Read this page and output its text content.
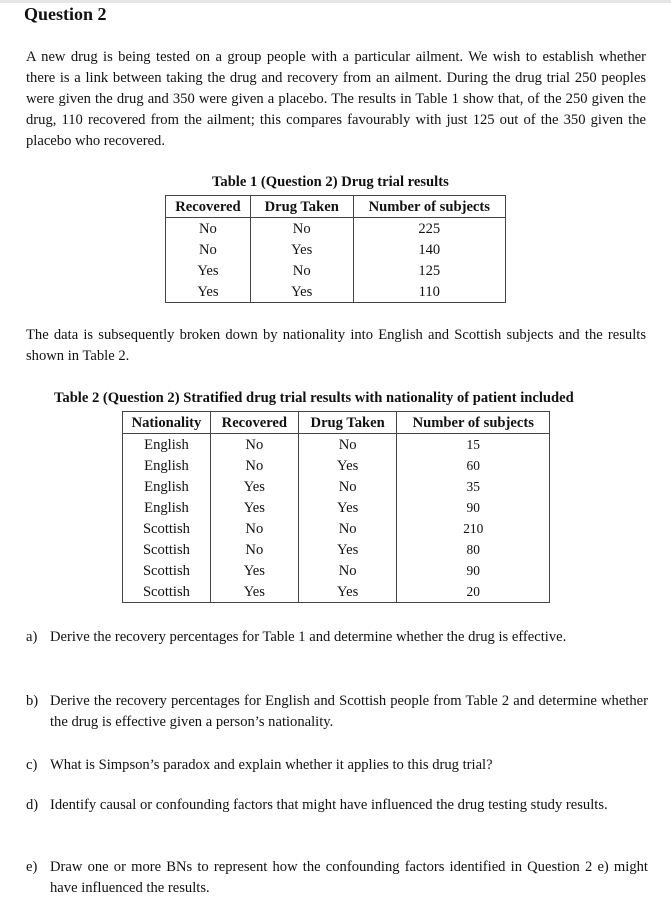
Question 2

A new drug is being tested on a group people with a particular ailment. We wish to establish whether there is a link between taking the drug and recovery from an ailment. During the drug trial 250 peoples were given the drug and 350 were given a placebo. The results in Table 1 show that, of the 250 given the drug, 110 recovered from the ailment; this compares favourably with just 125 out of the 350 given the placebo who recovered.

Table 1 (Question 2) Drug trial results
Recovered	Drug Taken	Number of subjects
No	No	225
No	Yes	140
Yes	No	125
Yes	Yes	110

The data is subsequently broken down by nationality into English and Scottish subjects and the results shown in Table 2.

Table 2 (Question 2) Stratified drug trial results with nationality of patient included
Nationality	Recovered	Drug Taken	Number of subjects
English	No	No	15
English	No	Yes	60
English	Yes	No	35
English	Yes	Yes	90
Scottish	No	No	210
Scottish	No	Yes	80
Scottish	Yes	No	90
Scottish	Yes	Yes	20
a) Derive the recovery percentages for Table 1 and determine whether the drug is effective.
b) Derive the recovery percentages for English and Scottish people from Table 2 and determine whether the drug is effective given a person’s nationality.
c) What is Simpson’s paradox and explain whether it applies to this drug trial?
d) Identify causal or confounding factors that might have influenced the drug testing study results.
e) Draw one or more BNs to represent how the confounding factors identified in Question 2 e) might have influenced the results.
